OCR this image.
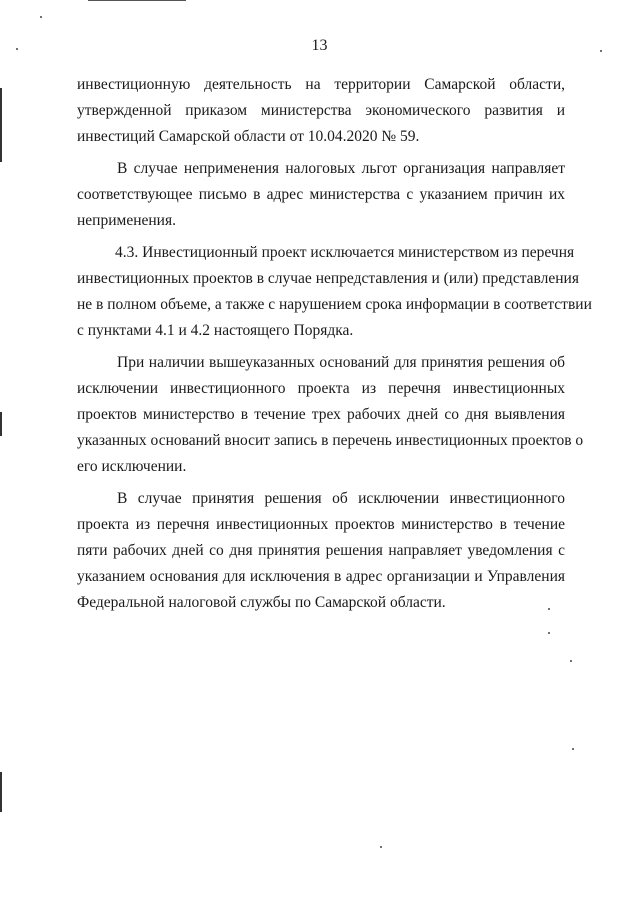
13

инвестиционную деятельность на территории Самарской области,
утвержденной приказом министерства экономического развития и
инвестиций Самарской области от 10.04.2020 № 59.

В случае неприменения налоговых льгот организация направляет
соответствующее письмо в адрес министерства с указанием причин их
неприменения.

4.3. Инвестиционный проект исключается министерством из перечня
инвестиционных проектов в случае непредставления и (или) представления
не в полном объеме, а также с нарушением срока информации в соответствии
с пунктами 4.1 и 4.2 настоящего Порядка.

При наличии вышеуказанных оснований для принятия решения об
исключении инвестиционного проекта из перечня инвестиционных
проектов министерство в течение трех рабочих дней со дня выявления
указанных оснований вносит запись в перечень инвестиционных проектов о
его исключении.

В случае принятия решения об исключении инвестиционного
проекта из перечня инвестиционных проектов министерство в течение
пяти рабочих дней со дня принятия решения направляет уведомления с
указанием основания для исключения в адрес организации и Управления
Федеральной налоговой службы по Самарской области.
